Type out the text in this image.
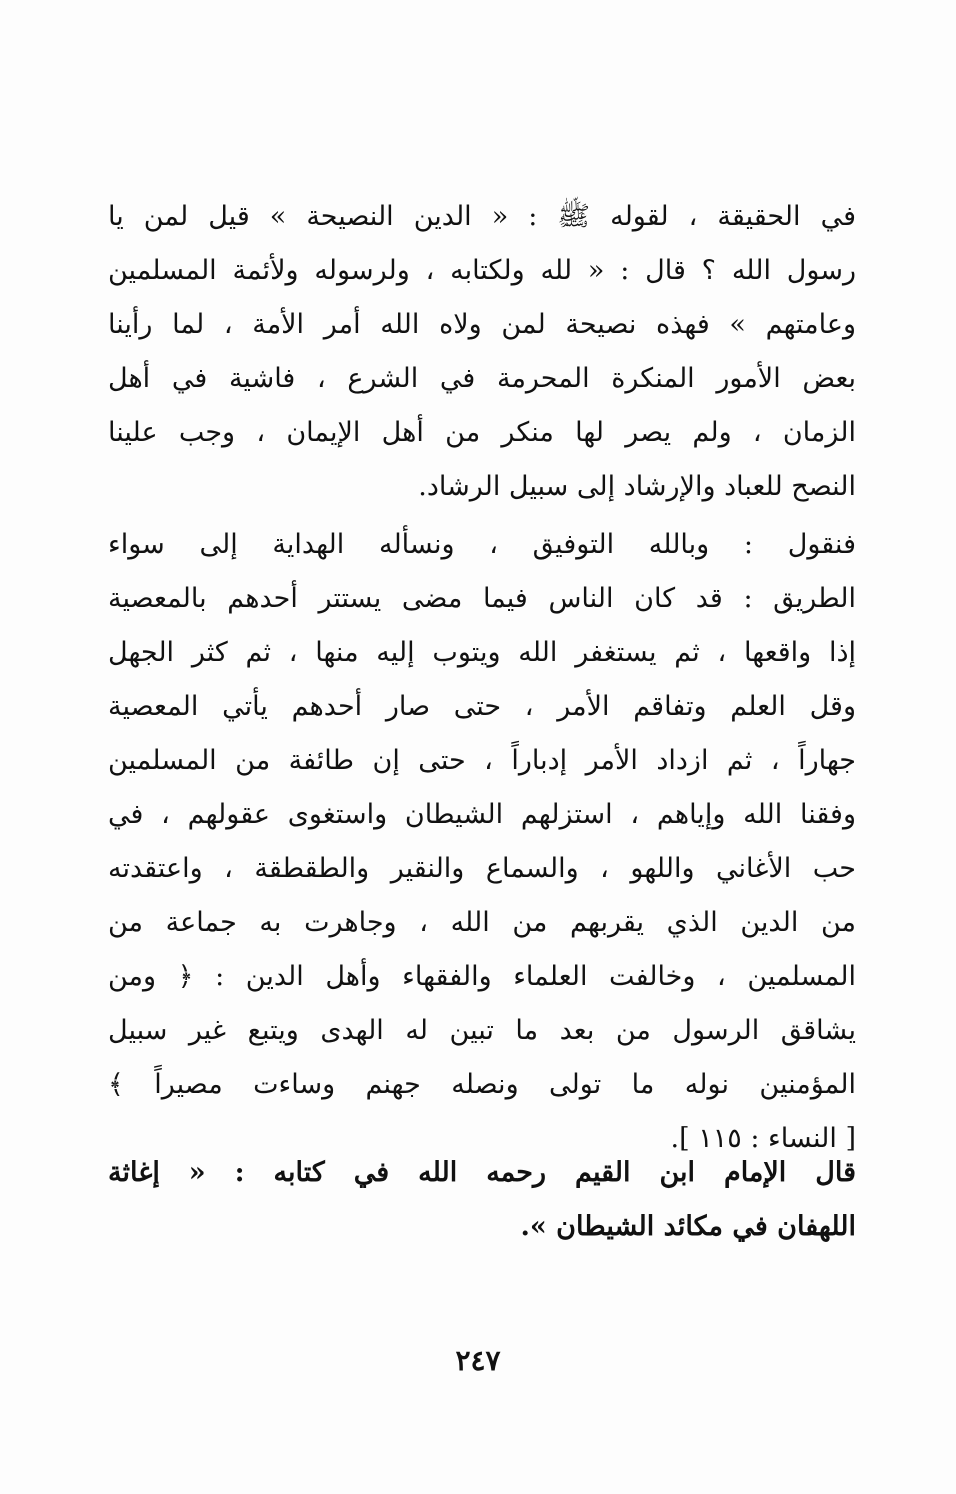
في الحقيقة ، لقوله ﷺ : « الدين النصيحة » قيل لمن يا
رسول الله ؟ قال : « لله ولكتابه ، ولرسوله ولأئمة المسلمين
وعامتهم » فهذه نصيحة لمن ولاه الله أمر الأمة ، لما رأينا
بعض الأمور المنكرة المحرمة في الشرع ، فاشية في أهل
الزمان ، ولم يصر لها منكر من أهل الإيمان ، وجب علينا
النصح للعباد والإرشاد إلى سبيل الرشاد.
فنقول : وبالله التوفيق ، ونسأله الهداية إلى سواء
الطريق : قد كان الناس فيما مضى يستتر أحدهم بالمعصية
إذا واقعها ، ثم يستغفر الله ويتوب إليه منها ، ثم كثر الجهل
وقل العلم وتفاقم الأمر ، حتى صار أحدهم يأتي المعصية
جهاراً ، ثم ازداد الأمر إدباراً ، حتى إن طائفة من المسلمين
وفقنا الله وإياهم ، استزلهم الشيطان واستغوى عقولهم ، في
حب الأغاني واللهو ، والسماع والنقير والطقطقة ، واعتقدته
من الدين الذي يقربهم من الله ، وجاهرت به جماعة من
المسلمين ، وخالفت العلماء والفقهاء وأهل الدين : ﴿ ومن
يشاقق الرسول من بعد ما تبين له الهدى ويتبع غير سبيل
المؤمنين نوله ما تولى ونصله جهنم وساءت مصيراً ﴾
[ النساء : ١١٥ ].
قال الإمام ابن القيم رحمه الله في كتابه : « إغاثة
اللهفان في مكائد الشيطان ».
٢٤٧
